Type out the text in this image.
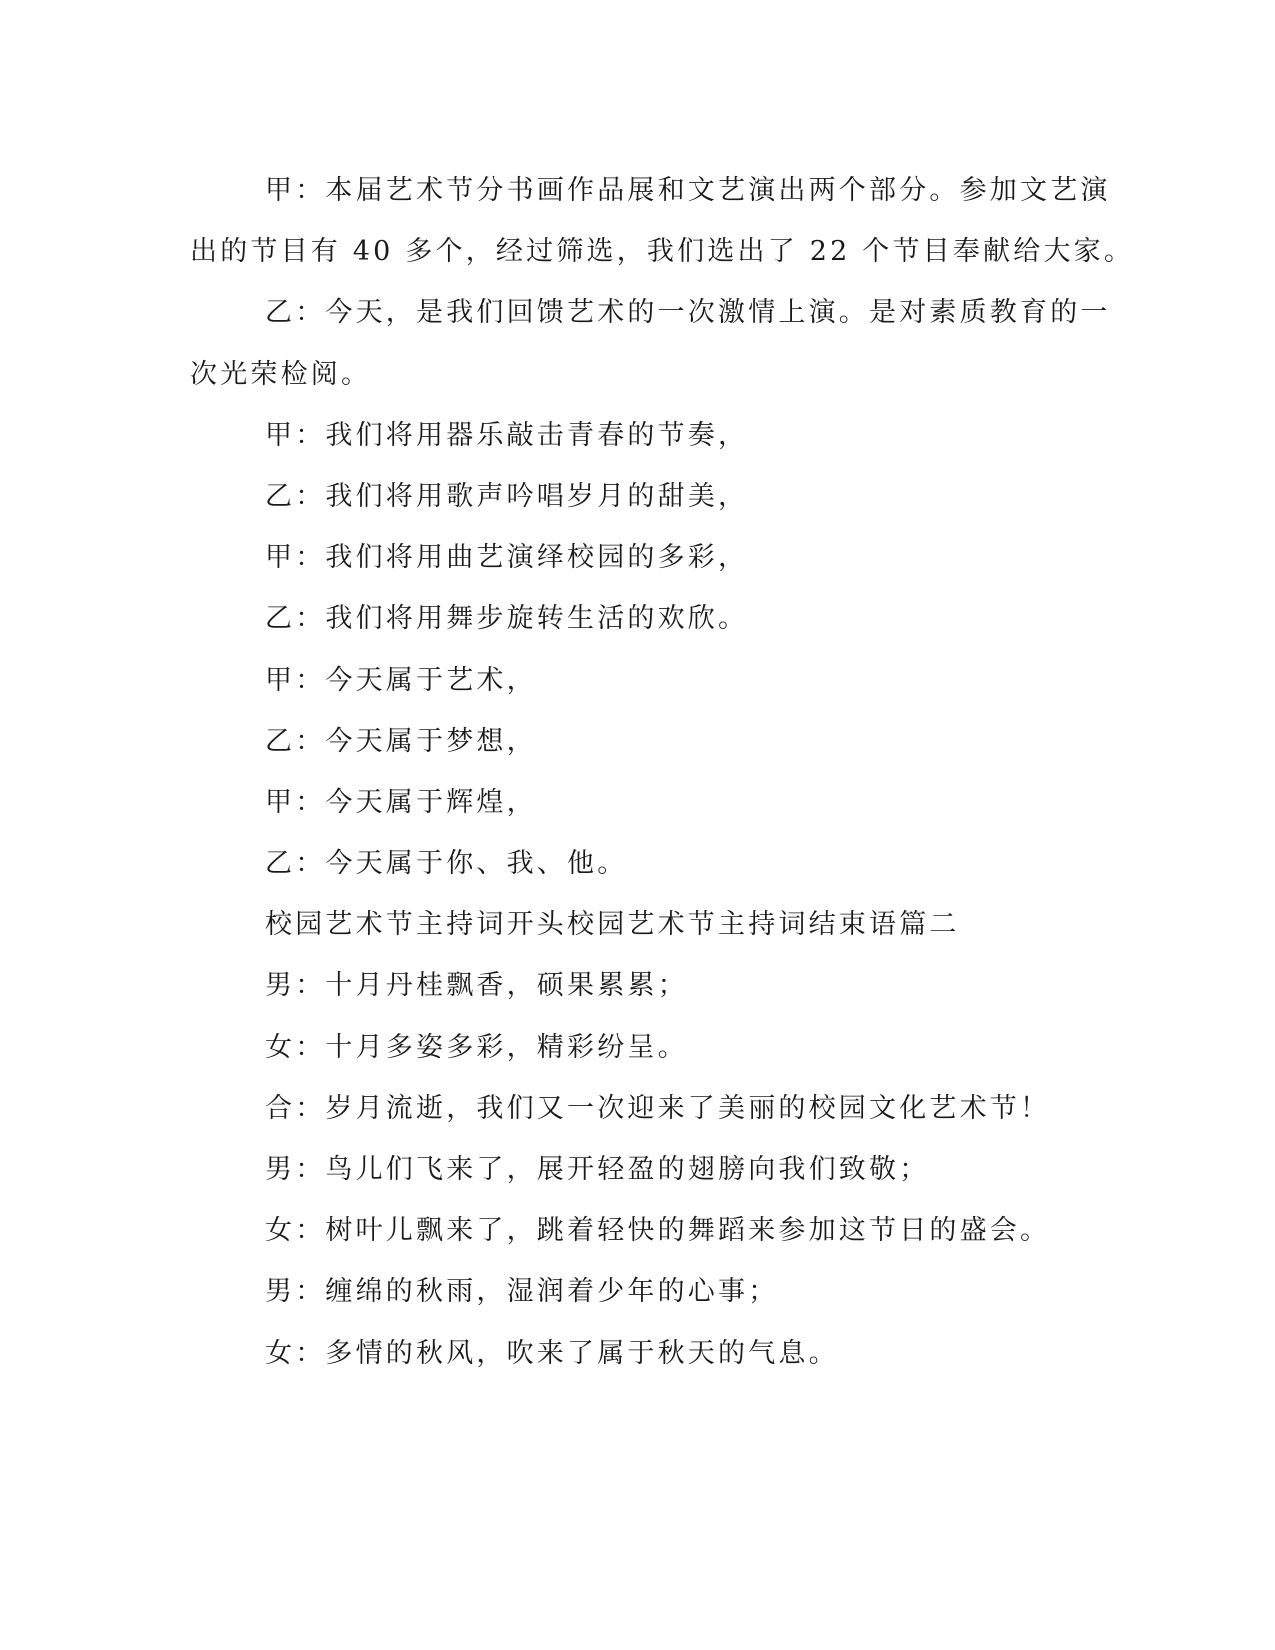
甲：本届艺术节分书画作品展和文艺演出两个部分。参加文艺演
出的节目有 40 多个，经过筛选，我们选出了 22 个节目奉献给大家。
乙：今天，是我们回馈艺术的一次激情上演。是对素质教育的一
次光荣检阅。
甲：我们将用器乐敲击青春的节奏，
乙：我们将用歌声吟唱岁月的甜美，
甲：我们将用曲艺演绎校园的多彩，
乙：我们将用舞步旋转生活的欢欣。
甲：今天属于艺术，
乙：今天属于梦想，
甲：今天属于辉煌，
乙：今天属于你、我、他。
校园艺术节主持词开头校园艺术节主持词结束语篇二
男：十月丹桂飘香，硕果累累；
女：十月多姿多彩，精彩纷呈。
合：岁月流逝，我们又一次迎来了美丽的校园文化艺术节！
男：鸟儿们飞来了，展开轻盈的翅膀向我们致敬；
女：树叶儿飘来了，跳着轻快的舞蹈来参加这节日的盛会。
男：缠绵的秋雨，湿润着少年的心事；
女：多情的秋风，吹来了属于秋天的气息。
